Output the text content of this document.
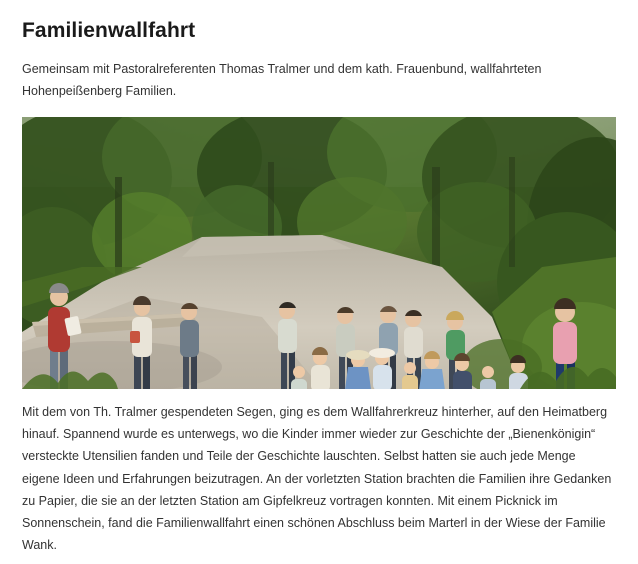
Familienwallfahrt

Gemeinsam mit Pastoralreferenten Thomas Tralmer und dem kath. Frauenbund, wallfahrteten Hohenpeißenberg Familien.

Mit dem von Th. Tralmer gespendeten Segen, ging es dem Wallfahrerkreuz hinterher, auf den Heimatberg hinauf. Spannend wurde es unterwegs, wo die Kinder immer wieder zur Geschichte der „Bienenkönigin“ versteckte Utensilien fanden und Teile der Geschichte lauschten. Selbst hatten sie auch jede Menge eigene Ideen und Erfahrungen beizutragen. An der vorletzten Station brachten die Familien ihre Gedanken zu Papier, die sie an der letzten Station am Gipfelkreuz vortragen konnten. Mit einem Picknick im Sonnenschein, fand die Familienwallfahrt einen schönen Abschluss beim Marterl in der Wiese der Familie Wank.
